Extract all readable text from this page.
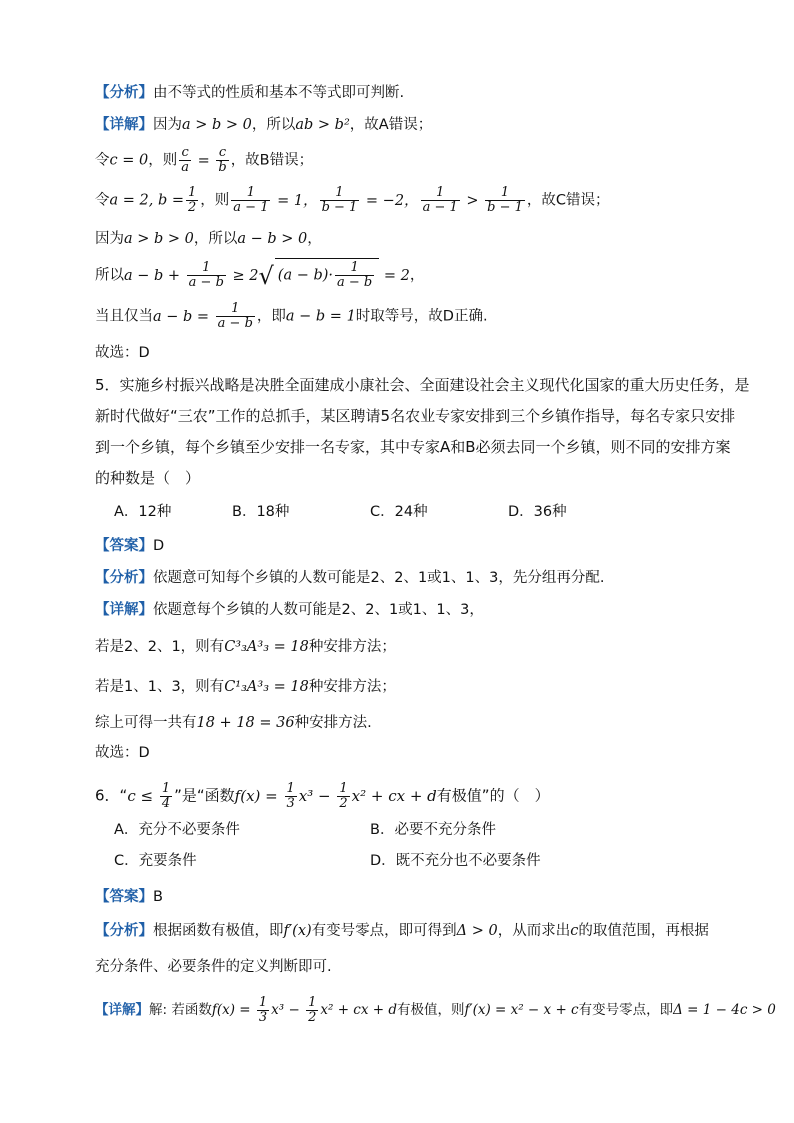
【分析】由不等式的性质和基本不等式即可判断.
【详解】因为a > b > 0，所以ab > b²，故A错误；
令c = 0，则 $\frac{c}{a} = \frac{c}{b}$ ，故B错误；
令a = 2, $b = \frac{1}{2}$ ，则 $\frac{1}{a - 1} = 1$， $\frac{1}{b - 1} = -2$， $\frac{1}{a - 1} > \frac{1}{b - 1}$ ，故C错误；
因为a > b > 0，所以a − b > 0，
所以$a - b + \frac{1}{a - b} \ge 2√$ $(a - b)\cdot \frac{1}{a - b} = 2$，
当且仅当$a - b = \frac{1}{a - b}$ ，即a − b = 1时取等号，故D正确.
故选：D
5．实施乡村振兴战略是决胜全面建成小康社会、全面建设社会主义现代化国家的重大历史任务，是
新时代做好“三农”工作的总抓手，某区聘请5名农业专家安排到三个乡镇作指导，每名专家只安排
到一个乡镇，每个乡镇至少安排一名专家，其中专家A和B必须去同一个乡镇，则不同的安排方案
的种数是（　）
A．12种	B．18种	C．24种	D．36种
【答案】D
【分析】依题意可知每个乡镇的人数可能是2、2、1或1、1、3，先分组再分配.
【详解】依题意每个乡镇的人数可能是2、2、1或1、1、3，
若是2、2、1，则有C³₃A³₃ = 18种安排方法；
若是1、1、3，则有C¹₃A³₃ = 18种安排方法；
综上可得一共有18 + 18 = 36种安排方法.
故选：D
6．“$c \le \frac{1}{4}$ ”是“函数$f(x) = \frac{1}{3} x^3 - \frac{1}{2} x^2$ + cx + d有极值”的（　）
A．充分不必要条件	B．必要不充分条件
C．充要条件	D．既不充分也不必要条件
【答案】B
【分析】根据函数有极值，即f′(x)有变号零点，即可得到Δ > 0，从而求出c的取值范围，再根据
充分条件、必要条件的定义判断即可.
【详解】解: 若函数$f(x) = \frac{1}{3} x^3 - \frac{1}{2} x^2$ + cx + d有极值，则f′(x) = x² − x + c有变号零点，即Δ = 1 − 4c > 0
